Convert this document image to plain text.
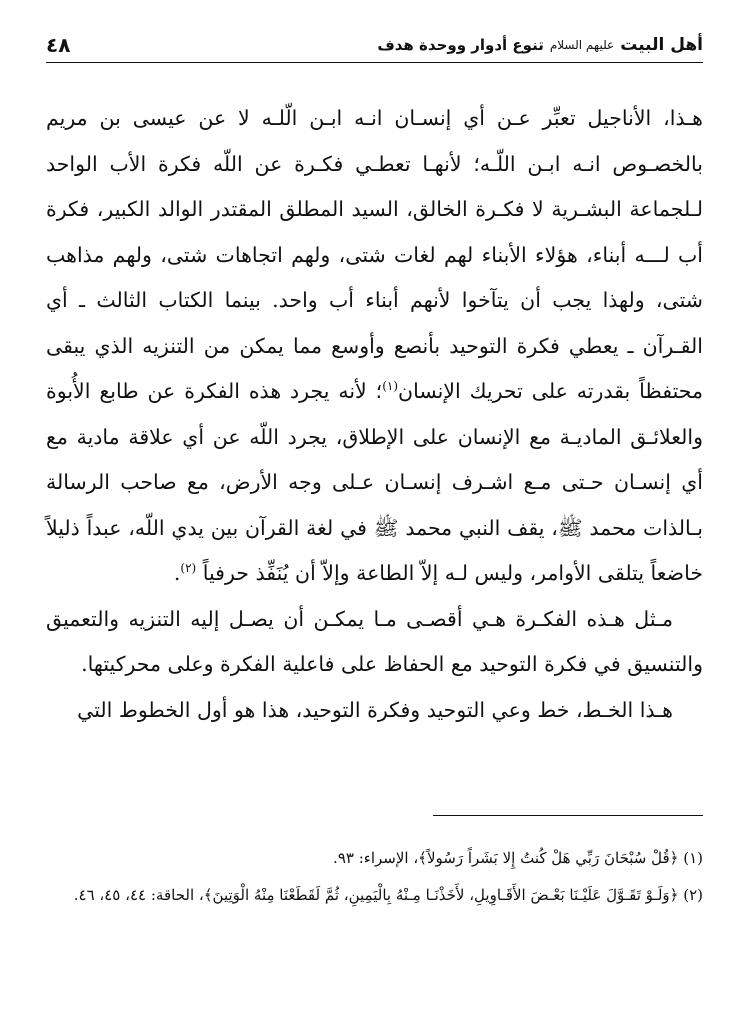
أهل البيت
عليهم السلام
تنوع أدوار ووحدة هدف
٤٨

هـذا، الأناجيل تعبِّر عـن أي إنسـان انـه ابـن الّلـه لا عن عيسى بن مريم بالخصـوص انـه ابـن اللّـه؛ لأنهـا تعطـي فكـرة عن اللّه فكرة الأب الواحد لـلجماعة البشـرية لا فكـرة الخالق، السيد المطلق المقتدر الوالد الكبير، فكرة أب لـــه أبناء، هؤلاء الأبناء لهم لغات شتى، ولهم اتجاهات شتى، ولهم مذاهب شتى، ولهذا يجب أن يتآخوا لأنهم أبناء أب واحد. بينما الكتاب الثالث ـ أي القـرآن ـ يعطي فكرة التوحيد بأنصع وأوسع مما يمكن من التنزيه الذي يبقى محتفظاً بقدرته على تحريك الإنسان$^{(١)}$؛ لأنه يجرد هذه الفكرة عن طابع الأُبوة والعلائـق الماديـة مع الإنسان على الإطلاق، يجرد اللّه عن أي علاقة مادية مع أي إنسـان حـتى مـع اشـرف إنسـان عـلى وجه الأرض، مع صاحب الرسالة بـالذات محمد ﷺ، يقف النبي محمد ﷺ في لغة القرآن بين يدي اللّه، عبداً ذليلاً خاضعاً يتلقى الأوامر، وليس لـه إلاّ الطاعة وإلاّ أن يُنَفِّذ حرفياً $^{(٢)}$.

مـثل هـذه الفكـرة هـي أقصـى مـا يمكـن أن يصـل إليه التنزيه والتعميق والتنسيق في فكرة التوحيد مع الحفاظ على فاعلية الفكرة وعلى محركيتها.

هـذا الخـط، خط وعي التوحيد وفكرة التوحيد، هذا هو أول الخطوط التي

(١) ﴿قُلْ سُبْحَانَ رَبِّي هَلْ كُنتُ إِلا بَشَراً رَسُولاً﴾، الإسراء: ٩٣.

(٢) ﴿وَلَـوْ تَقَـوَّلَ عَلَيْـنَا بَعْـضَ الأَقَـاوِيلِ، لأَخَذْنَـا مِـنْهُ بِالْيَمِينِ، ثُمَّ لَقَطَعْنَا مِنْهُ الْوَتِينَ﴾، الحاقة: ٤٤، ٤٥، ٤٦.
